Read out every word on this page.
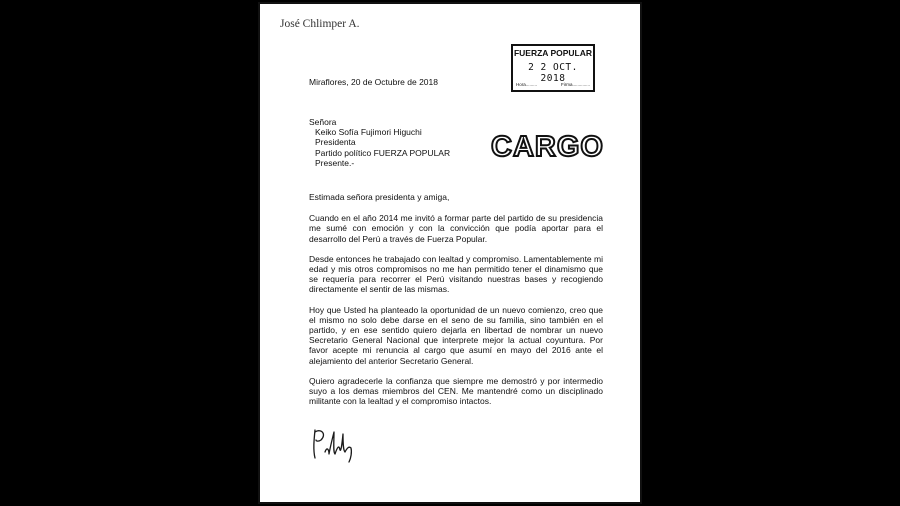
José Chlimper A.
FUERZA POPULAR
2 2 OCT. 2018
Hora.........	Firma..............
Miraflores, 20 de Octubre de 2018
Señora
Keiko Sofía Fujimori Higuchi
Presidenta
Partido político FUERZA POPULAR
Presente.-	CARGO

Estimada señora presidenta y amiga,

Cuando en el año 2014 me invitó a formar parte del partido de su presidencia me sumé con emoción y con la convicción que podía aportar para el desarrollo del Perú a través de Fuerza Popular.

Desde entonces he trabajado con lealtad y compromiso. Lamentablemente mi edad y mis otros compromisos no me han permitido tener el dinamismo que se requería para recorrer el Perú visitando nuestras bases y recogiendo directamente el sentir de las mismas.

Hoy que Usted ha planteado la oportunidad de un nuevo comienzo, creo que el mismo no solo debe darse en el seno de su familia, sino también en el partido, y en ese sentido quiero dejarla en libertad de nombrar un nuevo Secretario General Nacional que interprete mejor la actual coyuntura. Por favor acepte mi renuncia al cargo que asumí en mayo del 2016 ante el alejamiento del anterior Secretario General.

Quiero agradecerle la confianza que siempre me demostró y por intermedio suyo a los demas miembros del CEN. Me mantendré como un disciplinado militante con la lealtad y el compromiso intactos.
